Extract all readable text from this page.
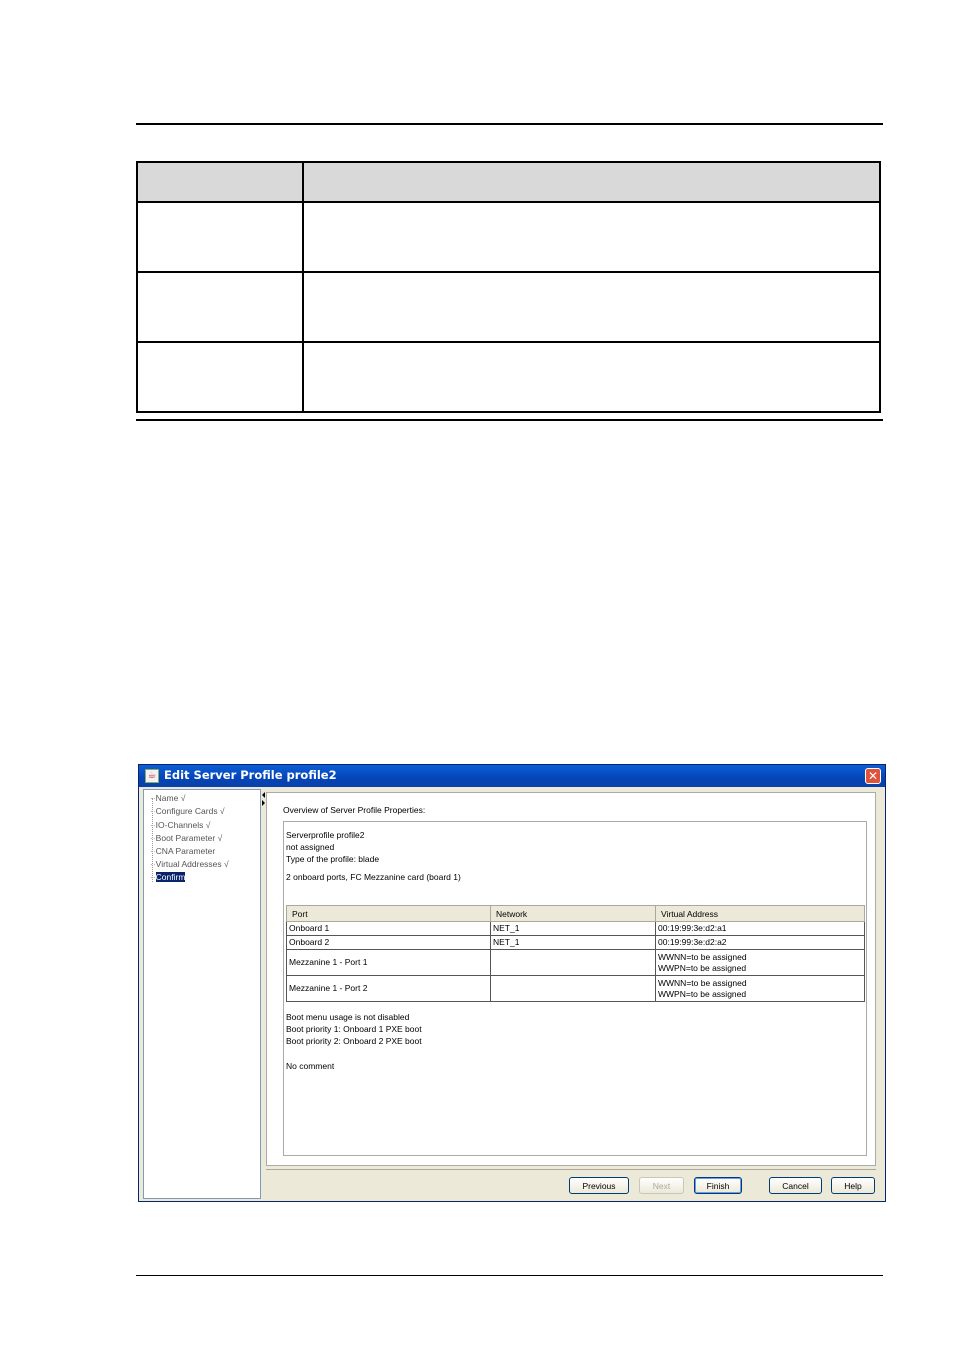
☕ Edit Server Profile profile2	✕
··Name √
··Configure Cards √
··IO-Channels √
··Boot Parameter √
··CNA Parameter
··Virtual Addresses √
··Confirm
Overview of Server Profile Properties:
Serverprofile profile2
not assigned
Type of the profile: blade
2 onboard ports, FC Mezzanine card (board 1)
Port	Network	Virtual Address
Onboard 1	NET_1	00:19:99:3e:d2:a1
Onboard 2	NET_1	00:19:99:3e:d2:a2
Mezzanine 1 - Port 1		WWNN=to be assigned
WWPN=to be assigned

Mezzanine 1 - Port 2		WWNN=to be assigned
WWPN=to be assigned
Boot menu usage is not disabled
Boot priority 1: Onboard 1 PXE boot
Boot priority 2: Onboard 2 PXE boot
No comment
Previous	Next	Finish	Cancel	Help
